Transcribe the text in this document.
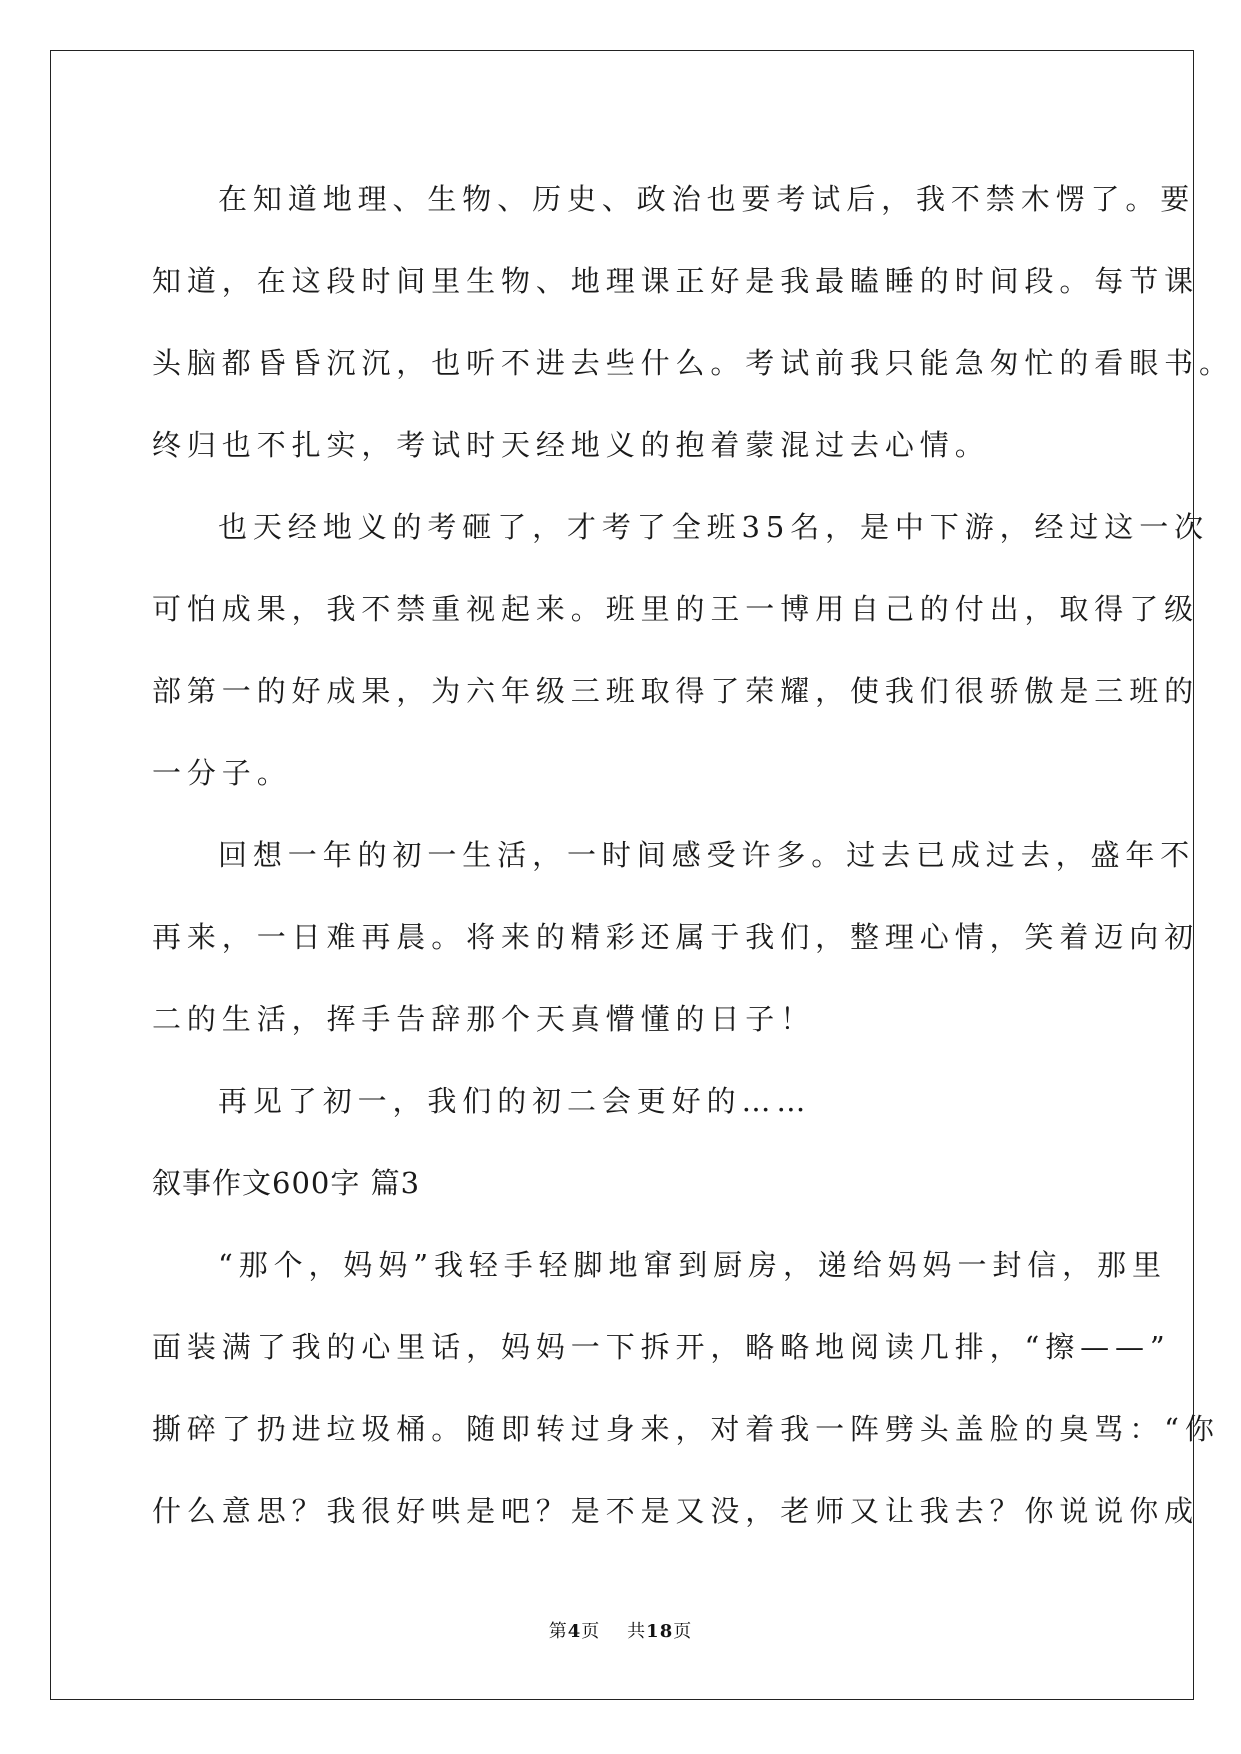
在知道地理、生物、历史、政治也要考试后，我不禁木愣了。要
知道，在这段时间里生物、地理课正好是我最瞌睡的时间段。每节课
头脑都昏昏沉沉，也听不进去些什么。考试前我只能急匆忙的看眼书。
终归也不扎实，考试时天经地义的抱着蒙混过去心情。
也天经地义的考砸了，才考了全班35名，是中下游，经过这一次
可怕成果，我不禁重视起来。班里的王一博用自己的付出，取得了级
部第一的好成果，为六年级三班取得了荣耀，使我们很骄傲是三班的
一分子。
回想一年的初一生活，一时间感受许多。过去已成过去，盛年不
再来，一日难再晨。将来的精彩还属于我们，整理心情，笑着迈向初
二的生活，挥手告辞那个天真懵懂的日子！
再见了初一，我们的初二会更好的……
叙事作文600字 篇3
“那个，妈妈”我轻手轻脚地窜到厨房，递给妈妈一封信，那里
面装满了我的心里话，妈妈一下拆开，略略地阅读几排，“擦——”
撕碎了扔进垃圾桶。随即转过身来，对着我一阵劈头盖脸的臭骂：“你
什么意思？我很好哄是吧？是不是又没，老师又让我去？你说说你成
第4页 共18页
